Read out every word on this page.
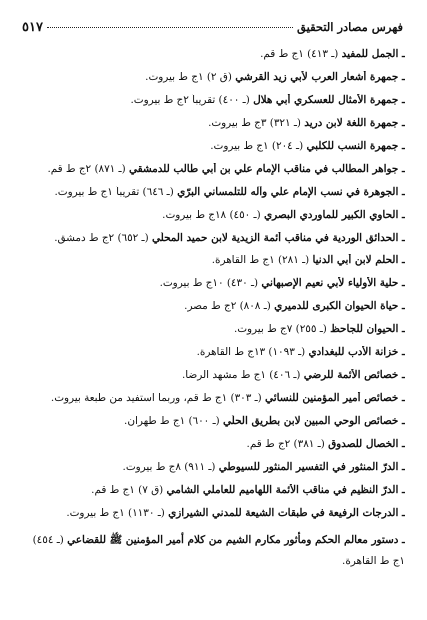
فهرس مصادر التحقيق
٥١٧
ـ الجمل للمفيد (ـ ٤١٣) ١ج ط قم.
ـ جمهرة أشعار العرب لأبي زيد القرشي (ق ٢) ١ج ط بيروت.
ـ جمهرة الأمثال للعسكري أبي هلال (ـ ٤٠٠) تقريباً ٢ج ط بيروت.
ـ جمهرة اللغة لابن دريد (ـ ٣٢١) ٣ج ط بيروت.
ـ جمهرة النسب للكلبي (ـ ٢٠٤) ١ج ط بيروت.
ـ جواهر المطالب في مناقب الإمام علي بن أبي طالب للدمشقي (ـ ٨٧١) ٢ج ط قم.
ـ الجوهرة في نسب الإمام علي وآله للتلمساني البرّي (ـ ٦٤٦) تقريباً ١ج ط بيروت.
ـ الحاوي الكبير للماوردي البصري (ـ ٤٥٠) ١٨ج ط بيروت.
ـ الحدائق الوردية في مناقب أئمة الزيدية لابن حميد المحلّي (ـ ٦٥٢) ٢ج ط دمشق.
ـ الحلم لابن أبي الدنيا (ـ ٢٨١) ١ج ط القاهرة.
ـ حلية الأولياء لأبي نعيم الإصبهاني (ـ ٤٣٠) ١٠ج ط بيروت.
ـ حياة الحيوان الكبرى للدميري (ـ ٨٠٨) ٢ج ط مصر.
ـ الحيوان للجاحظ (ـ ٢٥٥) ٧ج ط بيروت.
ـ خزانة الأدب للبغدادي (ـ ١٠٩٣) ١٣ج ط القاهرة.
ـ خصائص الأئمة للرضي (ـ ٤٠٦) ١ج ط مشهد الرضا.
ـ خصائص أمير المؤمنين للنسائي (ـ ٣٠٣) ١ج ط قم، وربما استفيد من طبعة بيروت.
ـ خصائص الوحي المبين لابن بطريق الحلّي (ـ ٦٠٠) ١ج ط طهران.
ـ الخصال للصدوق (ـ ٣٨١) ٢ج ط قم.
ـ الدرّ المنثور في التفسير المنثور للسيوطي (ـ ٩١١) ٨ج ط بيروت.
ـ الدرّ النظيم في مناقب الأئمة اللهاميم للعاملي الشامي (ق ٧) ١ج ط قم.
ـ الدرجات الرفيعة في طبقات الشيعة للمدني الشيرازي (ـ ١١٣٠) ١ج ط بيروت.
ـ دستور معالم الحكم ومأثور مكارم الشيم من كلام أمير المؤمنين ﷺ للقضاعي (ـ ٤٥٤) ١ج ط القاهرة.
